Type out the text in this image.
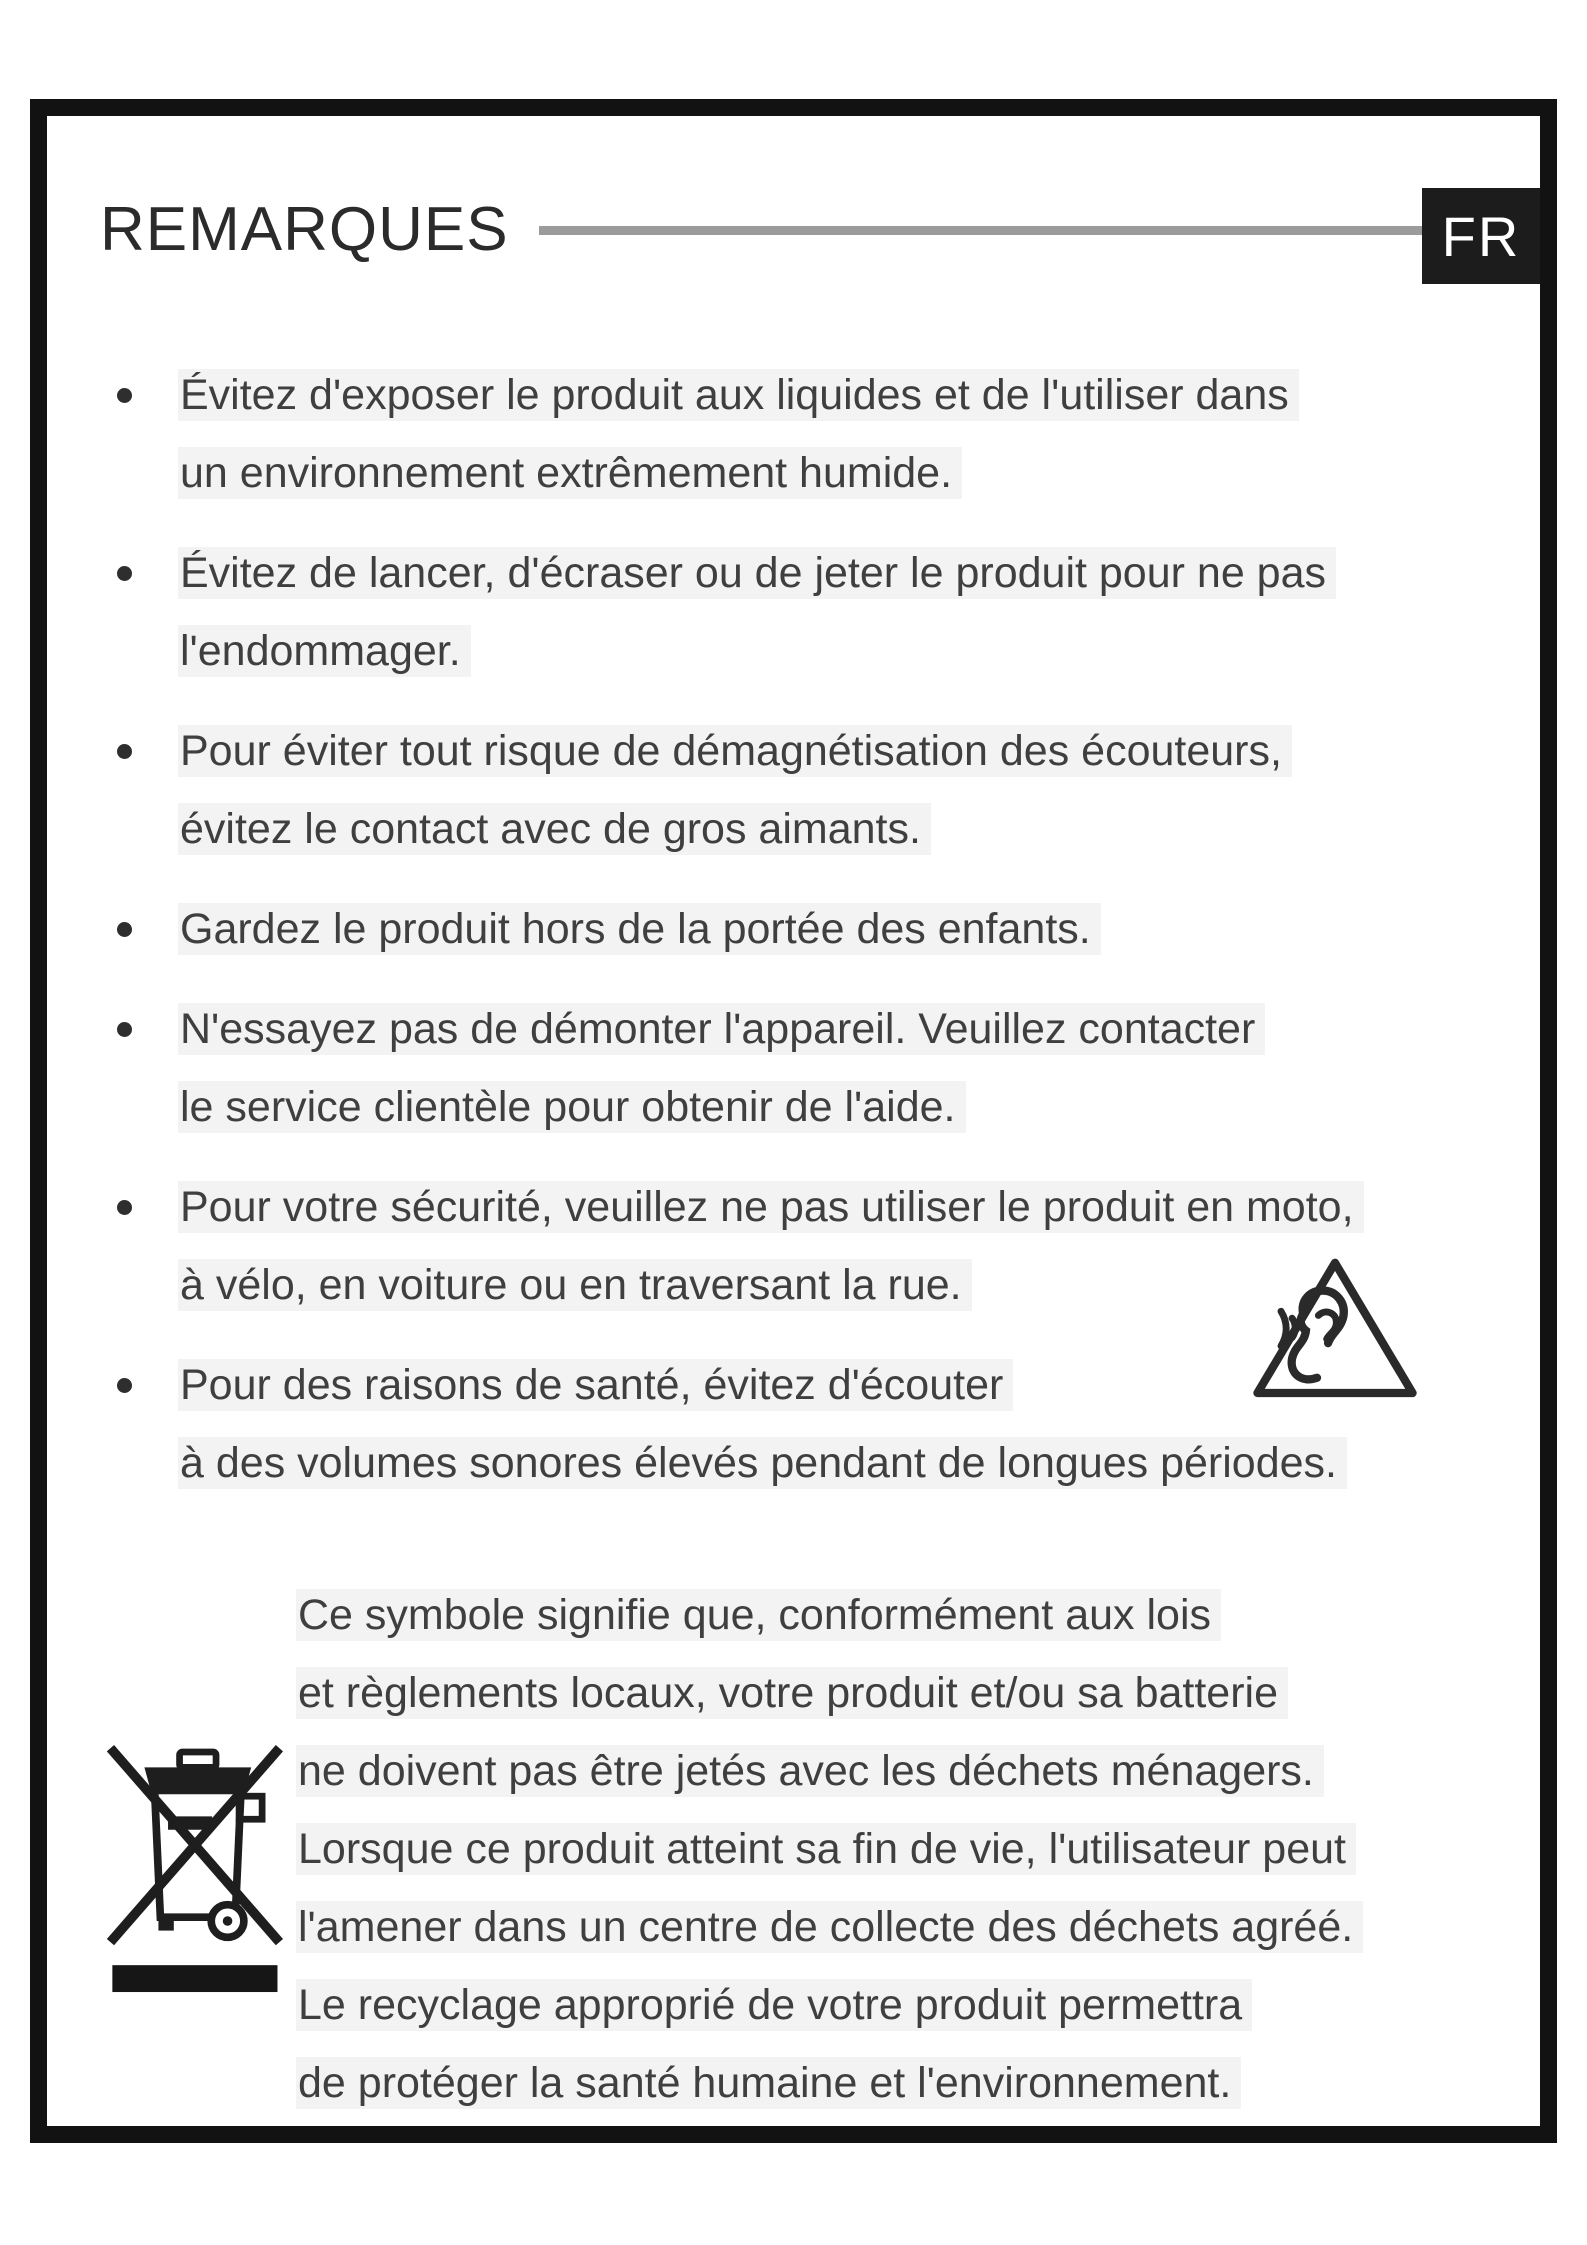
REMARQUES	FR
Évitez d'exposer le produit aux liquides et de l'utiliser dans
un environnement extrêmement humide.
Évitez de lancer, d'écraser ou de jeter le produit pour ne pas
l'endommager.
Pour éviter tout risque de démagnétisation des écouteurs,
évitez le contact avec de gros aimants.
Gardez le produit hors de la portée des enfants.
N'essayez pas de démonter l'appareil. Veuillez contacter
le service clientèle pour obtenir de l'aide.
Pour votre sécurité, veuillez ne pas utiliser le produit en moto,
à vélo, en voiture ou en traversant la rue.
Pour des raisons de santé, évitez d'écouter
à des volumes sonores élevés pendant de longues périodes.
Ce symbole signifie que, conformément aux lois
et règlements locaux, votre produit et/ou sa batterie
ne doivent pas être jetés avec les déchets ménagers.
Lorsque ce produit atteint sa fin de vie, l'utilisateur peut
l'amener dans un centre de collecte des déchets agréé.
Le recyclage approprié de votre produit permettra
de protéger la santé humaine et l'environnement.
